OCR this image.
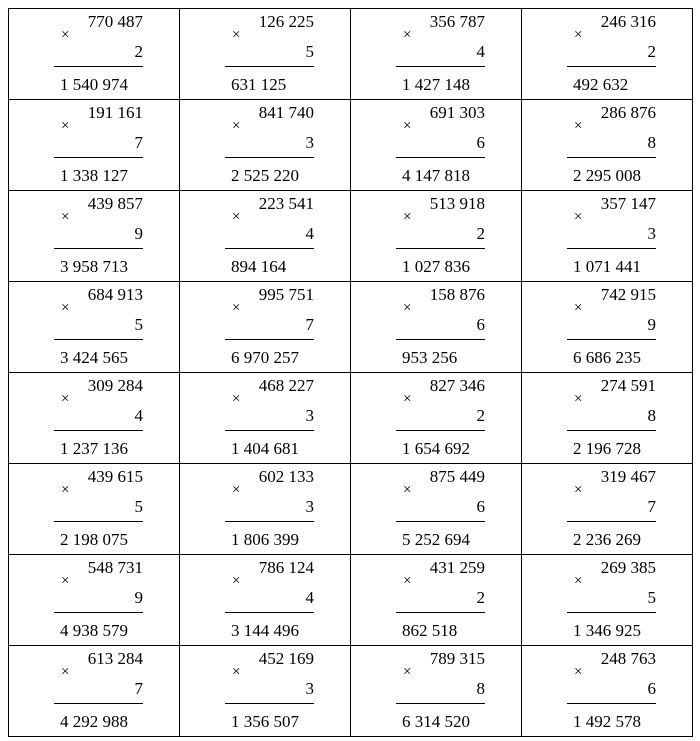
×
770 487
2
1 540 974	×
126 225
5
631 125	×
356 787
4
1 427 148	×
246 316
2
492 632

×
191 161
7
1 338 127	×
841 740
3
2 525 220	×
691 303
6
4 147 818	×
286 876
8
2 295 008

×
439 857
9
3 958 713	×
223 541
4
894 164	×
513 918
2
1 027 836	×
357 147
3
1 071 441

×
684 913
5
3 424 565	×
995 751
7
6 970 257	×
158 876
6
953 256	×
742 915
9
6 686 235

×
309 284
4
1 237 136	×
468 227
3
1 404 681	×
827 346
2
1 654 692	×
274 591
8
2 196 728

×
439 615
5
2 198 075	×
602 133
3
1 806 399	×
875 449
6
5 252 694	×
319 467
7
2 236 269

×
548 731
9
4 938 579	×
786 124
4
3 144 496	×
431 259
2
862 518	×
269 385
5
1 346 925

×
613 284
7
4 292 988	×
452 169
3
1 356 507	×
789 315
8
6 314 520	×
248 763
6
1 492 578
